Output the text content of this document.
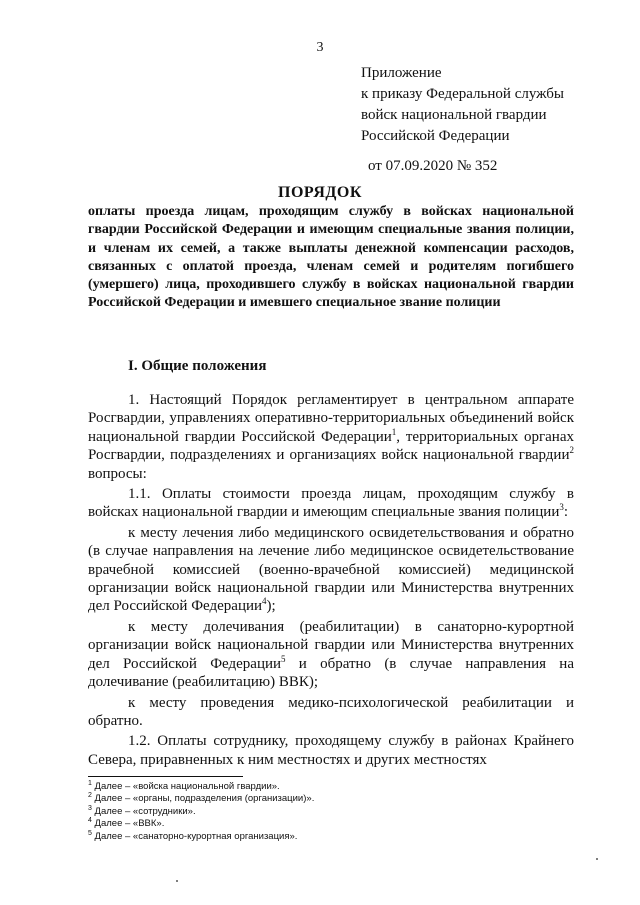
3
Приложение
к приказу Федеральной службы
войск национальной гвардии
Российской Федерации
от 07.09.2020 № 352
ПОРЯДОК
оплаты проезда лицам, проходящим службу в войсках национальной гвардии Российской Федерации и имеющим специальные звания полиции, и членам их семей, а также выплаты денежной компенсации расходов, связанных с оплатой проезда, членам семей и родителям погибшего (умершего) лица, проходившего службу в войсках национальной гвардии Российской Федерации и имевшего специальное звание полиции
I. Общие положения

1. Настоящий Порядок регламентирует в центральном аппарате Росгвардии, управлениях оперативно-территориальных объединений войск национальной гвардии Российской Федерации$^1$, территориальных органах Росгвардии, подразделениях и организациях войск национальной гвардии$^2$ вопросы:

1.1. Оплаты стоимости проезда лицам, проходящим службу в войсках национальной гвардии и имеющим специальные звания полиции$^3$:

к месту лечения либо медицинского освидетельствования и обратно (в случае направления на лечение либо медицинское освидетельствование врачебной комиссией (военно-врачебной комиссией) медицинской организации войск национальной гвардии или Министерства внутренних дел Российской Федерации$^4$);

к месту долечивания (реабилитации) в санаторно-курортной организации войск национальной гвардии или Министерства внутренних дел Российской Федерации$^5$ и обратно (в случае направления на долечивание (реабилитацию) ВВК);

к месту проведения медико-психологической реабилитации и обратно.

1.2. Оплаты сотруднику, проходящему службу в районах Крайнего Севера, приравненных к ним местностях и других местностях

$^1$ Далее – «войска национальной гвардии».
$^2$ Далее – «органы, подразделения (организации)».
$^3$ Далее – «сотрудники».
$^4$ Далее – «ВВК».
$^5$ Далее – «санаторно-курортная организация».
